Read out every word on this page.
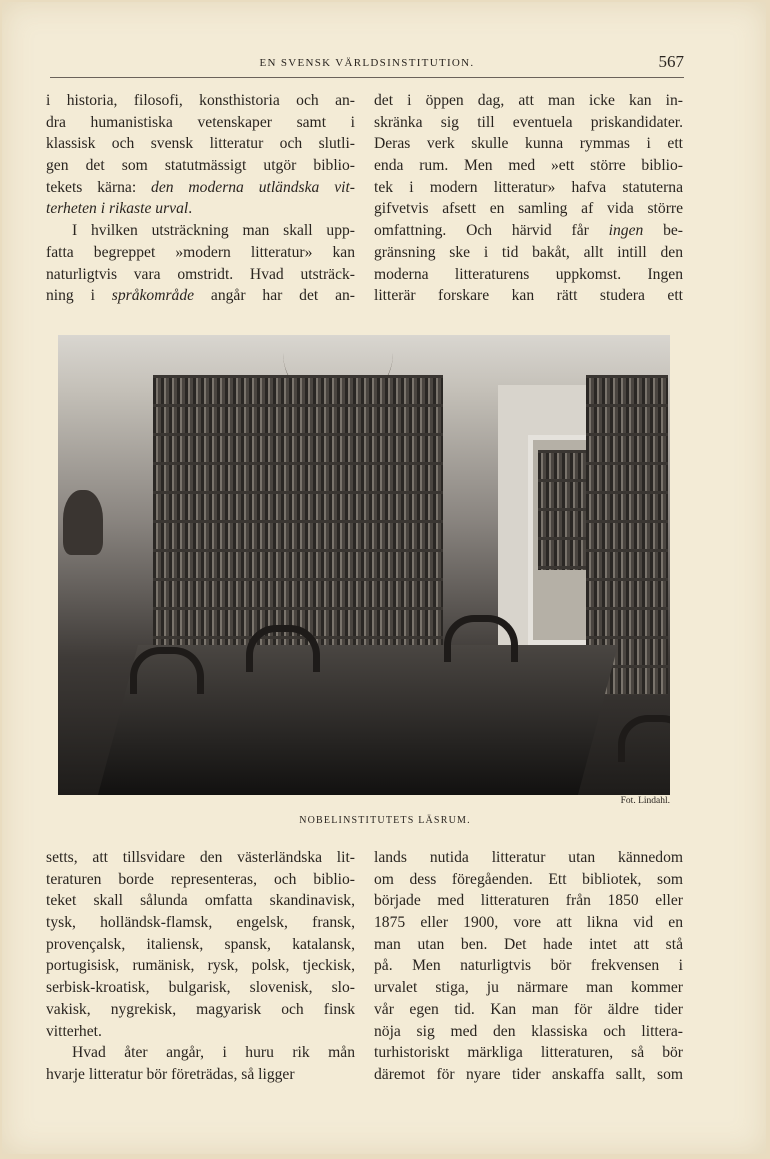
EN SVENSK VÄRLDSINSTITUTION.	567
i historia, filosofi, konsthistoria och an-
dra humanistiska vetenskaper samt i
klassisk och svensk litteratur och slutli-
gen det som statutmässigt utgör biblio-
tekets kärna: den moderna utländska vit-
terheten i rikaste urval.
I hvilken utsträckning man skall upp-
fatta begreppet »modern litteratur» kan
naturligtvis vara omstridt. Hvad utsträck-
ning i språkområde angår har det an-
det i öppen dag, att man icke kan in-
skränka sig till eventuela priskandidater.
Deras verk skulle kunna rymmas i ett
enda rum. Men med »ett större biblio-
tek i modern litteratur» hafva statuterna
gifvetvis afsett en samling af vida större
omfattning. Och härvid får ingen be-
gränsning ske i tid bakåt, allt intill den
moderna litteraturens uppkomst. Ingen
litterär forskare kan rätt studera ett
Fot. Lindahl.
NOBELINSTITUTETS LÄSRUM.
setts, att tillsvidare den västerländska lit-
teraturen borde representeras, och biblio-
teket skall sålunda omfatta skandinavisk,
tysk, holländsk-flamsk, engelsk, fransk,
provençalsk, italiensk, spansk, katalansk,
portugisisk, rumänisk, rysk, polsk, tjeckisk,
serbisk-kroatisk, bulgarisk, slovenisk, slo-
vakisk, nygrekisk, magyarisk och finsk
vitterhet.
Hvad åter angår, i huru rik mån
hvarje litteratur bör företrädas, så ligger
lands nutida litteratur utan kännedom
om dess föregåenden. Ett bibliotek, som
började med litteraturen från 1850 eller
1875 eller 1900, vore att likna vid en
man utan ben. Det hade intet att stå
på. Men naturligtvis bör frekvensen i
urvalet stiga, ju närmare man kommer
vår egen tid. Kan man för äldre tider
nöja sig med den klassiska och littera-
turhistoriskt märkliga litteraturen, så bör
däremot för nyare tider anskaffa sallt, som
